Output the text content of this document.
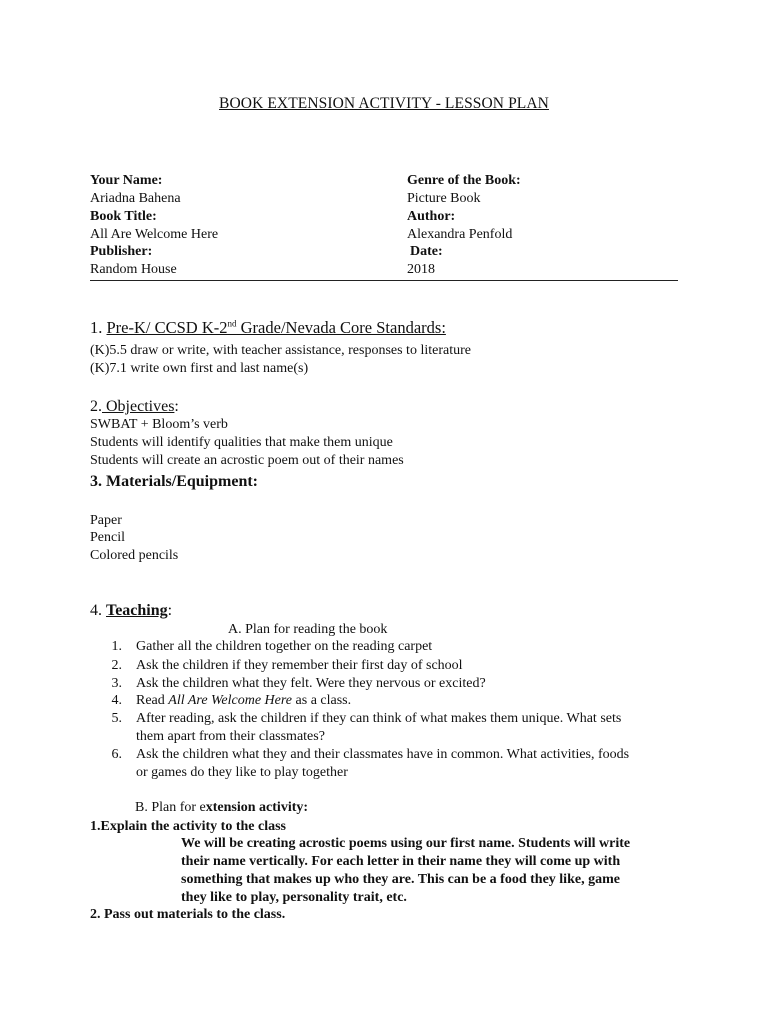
BOOK EXTENSION ACTIVITY - LESSON PLAN
Your Name:
Ariadna Bahena
Book Title:
All Are Welcome Here
Publisher:
Random House
Genre of the Book:
Picture Book
Author:
Alexandra Penfold
Date:
2018
1. Pre-K/ CCSD K-2nd Grade/Nevada Core Standards:
(K)5.5 draw or write, with teacher assistance, responses to literature
(K)7.1 write own first and last name(s)
2. Objectives:
SWBAT + Bloom’s verb
Students will identify qualities that make them unique
Students will create an acrostic poem out of their names
3. Materials/Equipment:
Paper
Pencil
Colored pencils
4. Teaching:
A. Plan for reading the book
1. Gather all the children together on the reading carpet
2. Ask the children if they remember their first day of school
3. Ask the children what they felt. Were they nervous or excited?
4. Read All Are Welcome Here as a class.
5. After reading, ask the children if they can think of what makes them unique. What sets
them apart from their classmates?
6. Ask the children what they and their classmates have in common. What activities, foods
or games do they like to play together
B. Plan for extension activity:
1.Explain the activity to the class
We will be creating acrostic poems using our first name. Students will write
their name vertically. For each letter in their name they will come up with
something that makes up who they are. This can be a food they like, game
they like to play, personality trait, etc.
2. Pass out materials to the class.
